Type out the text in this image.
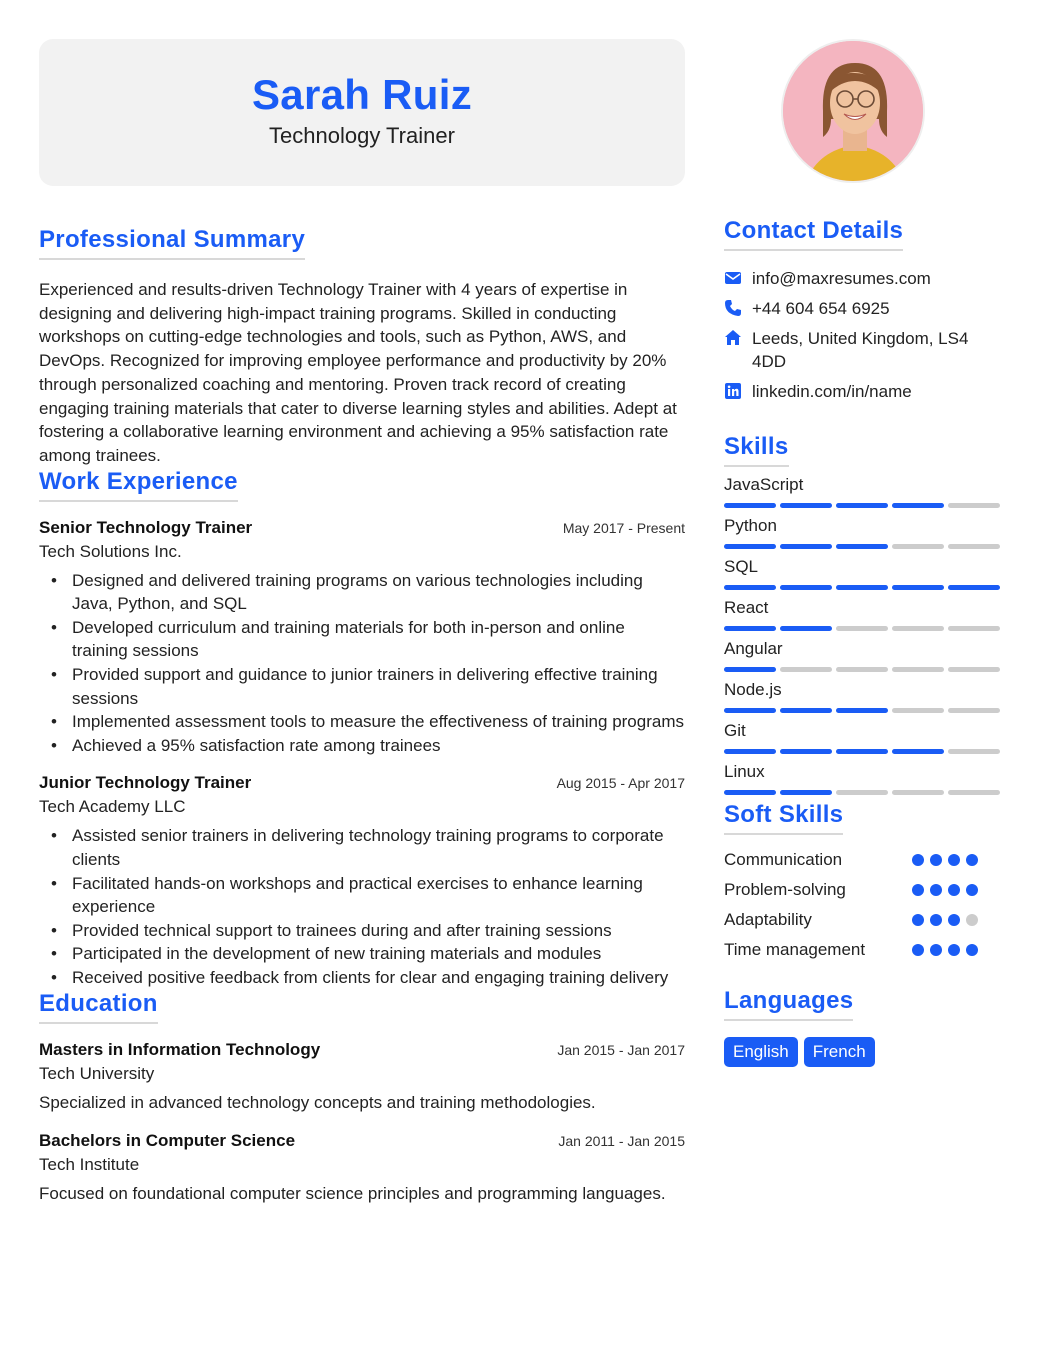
Sarah Ruiz
Technology Trainer
Professional Summary

Experienced and results-driven Technology Trainer with 4 years of expertise in designing and delivering high-impact training programs. Skilled in conducting workshops on cutting-edge technologies and tools, such as Python, AWS, and DevOps. Recognized for improving employee performance and productivity by 20% through personalized coaching and mentoring. Proven track record of creating engaging training materials that cater to diverse learning styles and abilities. Adept at fostering a collaborative learning environment and achieving a 95% satisfaction rate among trainees.

Work Experience
Senior Technology Trainer	May 2017 - Present
Tech Solutions Inc.
• Designed and delivered training programs on various technologies including Java, Python, and SQL
• Developed curriculum and training materials for both in-person and online training sessions
• Provided support and guidance to junior trainers in delivering effective training sessions
• Implemented assessment tools to measure the effectiveness of training programs
• Achieved a 95% satisfaction rate among trainees
Junior Technology Trainer	Aug 2015 - Apr 2017
Tech Academy LLC
• Assisted senior trainers in delivering technology training programs to corporate clients
• Facilitated hands-on workshops and practical exercises to enhance learning experience
• Provided technical support to trainees during and after training sessions
• Participated in the development of new training materials and modules
• Received positive feedback from clients for clear and engaging training delivery
Education
Masters in Information Technology	Jan 2015 - Jan 2017
Tech University

Specialized in advanced technology concepts and training methodologies.

Bachelors in Computer Science	Jan 2011 - Jan 2015
Tech Institute

Focused on foundational computer science principles and programming languages.

Contact Details
info@maxresumes.com
+44 604 654 6925
Leeds, United Kingdom, LS4 4DD
linkedin.com/in/name
Skills
JavaScript
Python
SQL
React
Angular
Node.js
Git
Linux
Soft Skills
Communication
Problem-solving
Adaptability
Time management
Languages
English	French
